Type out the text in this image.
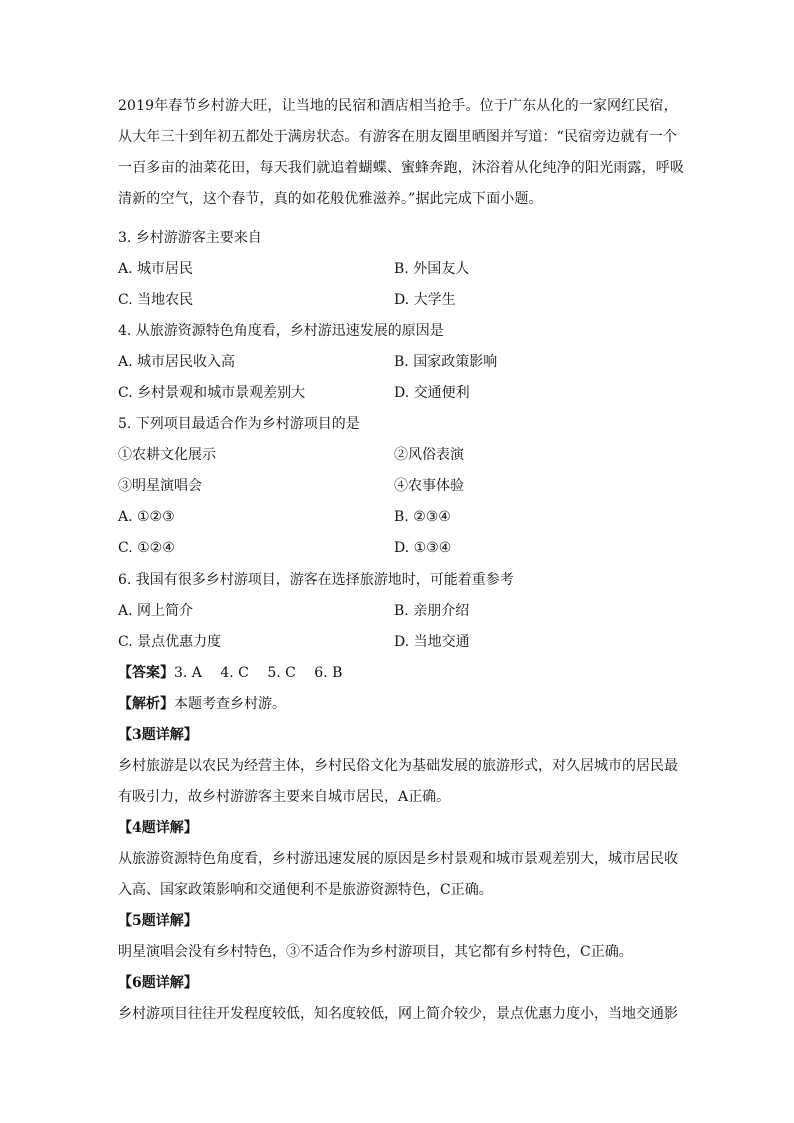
2019年春节乡村游大旺，让当地的民宿和酒店相当抢手。位于广东从化的一家网红民宿，
从大年三十到年初五都处于满房状态。有游客在朋友圈里晒图并写道：“民宿旁边就有一个
一百多亩的油菜花田，每天我们就追着蝴蝶、蜜蜂奔跑，沐浴着从化纯净的阳光雨露，呼吸
清新的空气，这个春节，真的如花般优雅滋养。”据此完成下面小题。
3. 乡村游游客主要来自
A. 城市居民	B. 外国友人
C. 当地农民	D. 大学生
4. 从旅游资源特色角度看，乡村游迅速发展的原因是
A. 城市居民收入高	B. 国家政策影响
C. 乡村景观和城市景观差别大	D. 交通便利
5. 下列项目最适合作为乡村游项目的是
①农耕文化展示	②风俗表演
③明星演唱会	④农事体验
A. ①②③	B. ②③④
C. ①②④	D. ①③④
6. 我国有很多乡村游项目，游客在选择旅游地时，可能着重参考
A. 网上简介	B. 亲朋介绍
C. 景点优惠力度	D. 当地交通
【答案】3. A　 4. C　 5. C　 6. B
【解析】本题考查乡村游。
【3题详解】
乡村旅游是以农民为经营主体，乡村民俗文化为基础发展的旅游形式，对久居城市的居民最
有吸引力，故乡村游游客主要来自城市居民，A正确。
【4题详解】
从旅游资源特色角度看，乡村游迅速发展的原因是乡村景观和城市景观差别大，城市居民收
入高、国家政策影响和交通便利不是旅游资源特色，C正确。
【5题详解】
明星演唱会没有乡村特色，③不适合作为乡村游项目，其它都有乡村特色，C正确。
【6题详解】
乡村游项目往往开发程度较低，知名度较低，网上简介较少，景点优惠力度小，当地交通影
